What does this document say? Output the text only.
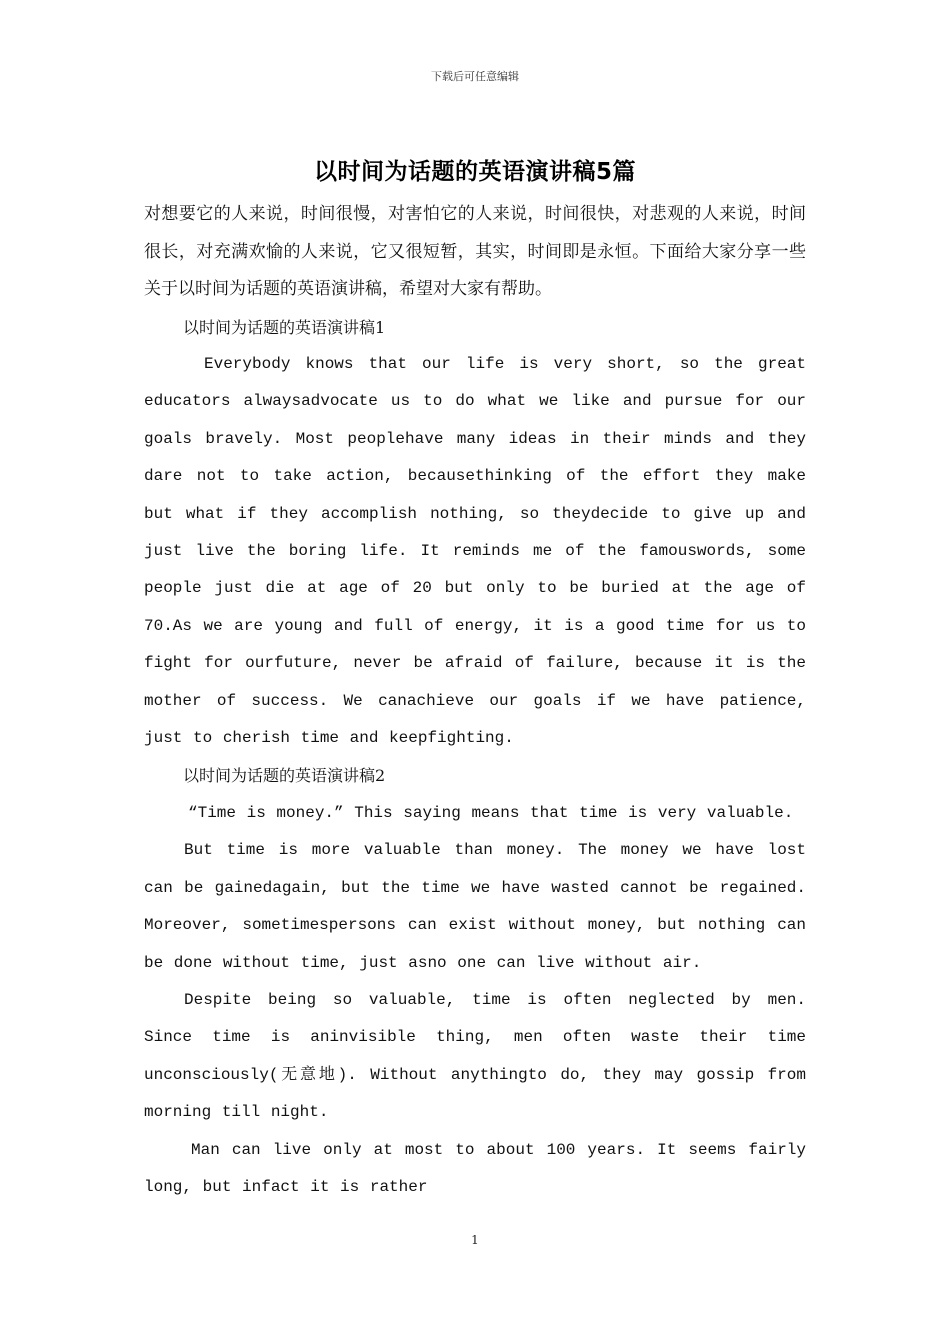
下载后可任意编辑
以时间为话题的英语演讲稿5篇

对想要它的人来说，时间很慢，对害怕它的人来说，时间很快，对悲观的人来说，时间很长，对充满欢愉的人来说，它又很短暂，其实，时间即是永恒。下面给大家分享一些关于以时间为话题的英语演讲稿，希望对大家有帮助。

以时间为话题的英语演讲稿1

Everybody knows that our life is very short, so the great educators alwaysadvocate us to do what we like and pursue for our goals bravely. Most peoplehave many ideas in their minds and they dare not to take action, becausethinking of the effort they make but what if they accomplish nothing, so theydecide to give up and just live the boring life. It reminds me of the famouswords, some people just die at age of 20 but only to be buried at the age of 70.As we are young and full of energy, it is a good time for us to fight for ourfuture, never be afraid of failure, because it is the mother of success. We canachieve our goals if we have patience, just to cherish time and keepfighting.

以时间为话题的英语演讲稿2

“Time is money.” This saying means that time is very valuable.

But time is more valuable than money. The money we have lost can be gainedagain, but the time we have wasted cannot be regained. Moreover, sometimespersons can exist without money, but nothing can be done without time, just asno one can live without air.

Despite being so valuable, time is often neglected by men. Since time is aninvisible thing, men often waste their time unconsciously(无意地). Without anythingto do, they may gossip from morning till night.

Man can live only at most to about 100 years. It seems fairly long, but infact it is rather

1
